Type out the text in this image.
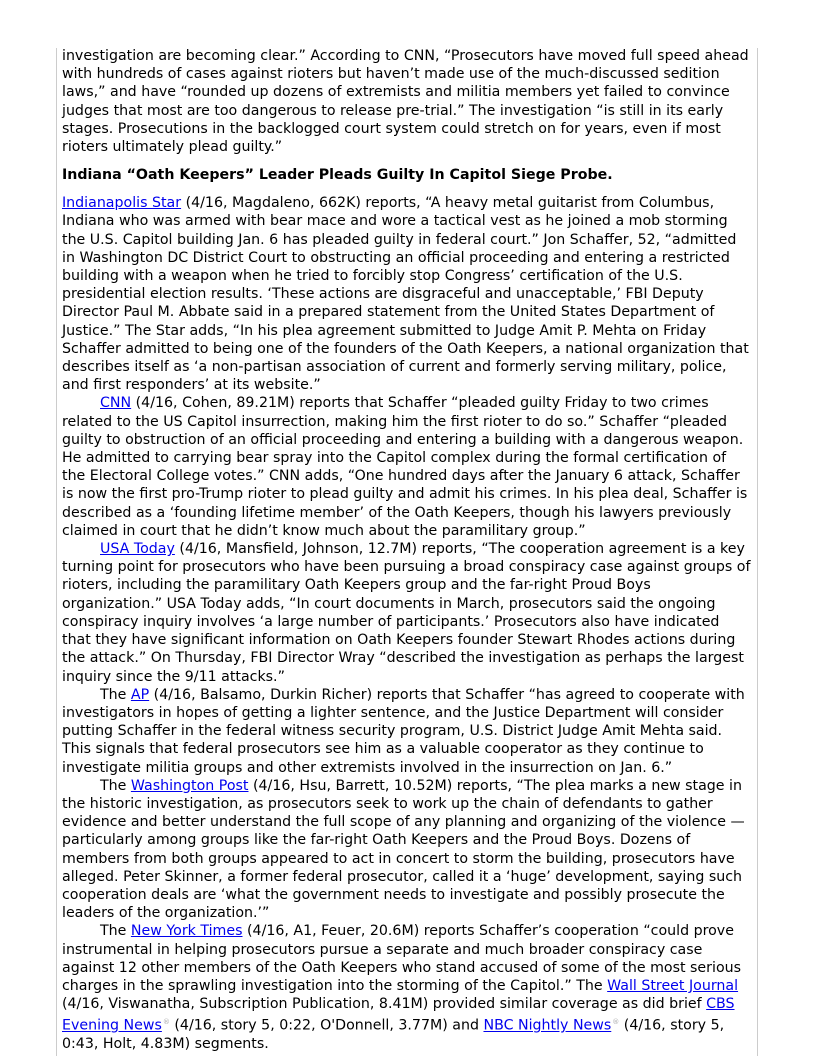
investigation are becoming clear.” According to CNN, “Prosecutors have moved full speed ahead with hundreds of cases against rioters but haven’t made use of the much-discussed sedition laws,” and have “rounded up dozens of extremists and militia members yet failed to convince judges that most are too dangerous to release pre-trial.” The investigation “is still in its early stages. Prosecutions in the backlogged court system could stretch on for years, even if most rioters ultimately plead guilty.”

Indiana “Oath Keepers” Leader Pleads Guilty In Capitol Siege Probe.

Indianapolis Star (4/16, Magdaleno, 662K) reports, “A heavy metal guitarist from Columbus, Indiana who was armed with bear mace and wore a tactical vest as he joined a mob storming the U.S. Capitol building Jan. 6 has pleaded guilty in federal court.” Jon Schaffer, 52, “admitted in Washington DC District Court to obstructing an official proceeding and entering a restricted building with a weapon when he tried to forcibly stop Congress’ certification of the U.S. presidential election results. ‘These actions are disgraceful and unacceptable,’ FBI Deputy Director Paul M. Abbate said in a prepared statement from the United States Department of Justice.” The Star adds, “In his plea agreement submitted to Judge Amit P. Mehta on Friday Schaffer admitted to being one of the founders of the Oath Keepers, a national organization that describes itself as ‘a non-partisan association of current and formerly serving military, police, and first responders’ at its website.”

CNN (4/16, Cohen, 89.21M) reports that Schaffer “pleaded guilty Friday to two crimes related to the US Capitol insurrection, making him the first rioter to do so.” Schaffer “pleaded guilty to obstruction of an official proceeding and entering a building with a dangerous weapon. He admitted to carrying bear spray into the Capitol complex during the formal certification of the Electoral College votes.” CNN adds, “One hundred days after the January 6 attack, Schaffer is now the first pro-Trump rioter to plead guilty and admit his crimes. In his plea deal, Schaffer is described as a ‘founding lifetime member’ of the Oath Keepers, though his lawyers previously claimed in court that he didn’t know much about the paramilitary group.”

USA Today (4/16, Mansfield, Johnson, 12.7M) reports, “The cooperation agreement is a key turning point for prosecutors who have been pursuing a broad conspiracy case against groups of rioters, including the paramilitary Oath Keepers group and the far-right Proud Boys organization.” USA Today adds, “In court documents in March, prosecutors said the ongoing conspiracy inquiry involves ‘a large number of participants.’ Prosecutors also have indicated that they have significant information on Oath Keepers founder Stewart Rhodes actions during the attack.” On Thursday, FBI Director Wray “described the investigation as perhaps the largest inquiry since the 9/11 attacks.”

The AP (4/16, Balsamo, Durkin Richer) reports that Schaffer “has agreed to cooperate with investigators in hopes of getting a lighter sentence, and the Justice Department will consider putting Schaffer in the federal witness security program, U.S. District Judge Amit Mehta said. This signals that federal prosecutors see him as a valuable cooperator as they continue to investigate militia groups and other extremists involved in the insurrection on Jan. 6.”

The Washington Post (4/16, Hsu, Barrett, 10.52M) reports, “The plea marks a new stage in the historic investigation, as prosecutors seek to work up the chain of defendants to gather evidence and better understand the full scope of any planning and organizing of the violence — particularly among groups like the far-right Oath Keepers and the Proud Boys. Dozens of members from both groups appeared to act in concert to storm the building, prosecutors have alleged. Peter Skinner, a former federal prosecutor, called it a ‘huge’ development, saying such cooperation deals are ‘what the government needs to investigate and possibly prosecute the leaders of the organization.’”

The New York Times (4/16, A1, Feuer, 20.6M) reports Schaffer’s cooperation “could prove instrumental in helping prosecutors pursue a separate and much broader conspiracy case against 12 other members of the Oath Keepers who stand accused of some of the most serious charges in the sprawling investigation into the storming of the Capitol.” The Wall Street Journal (4/16, Viswanatha, Subscription Publication, 8.41M) provided similar coverage as did brief CBS Evening News® (4/16, story 5, 0:22, O'Donnell, 3.77M) and NBC Nightly News® (4/16, story 5, 0:43, Holt, 4.83M) segments.
